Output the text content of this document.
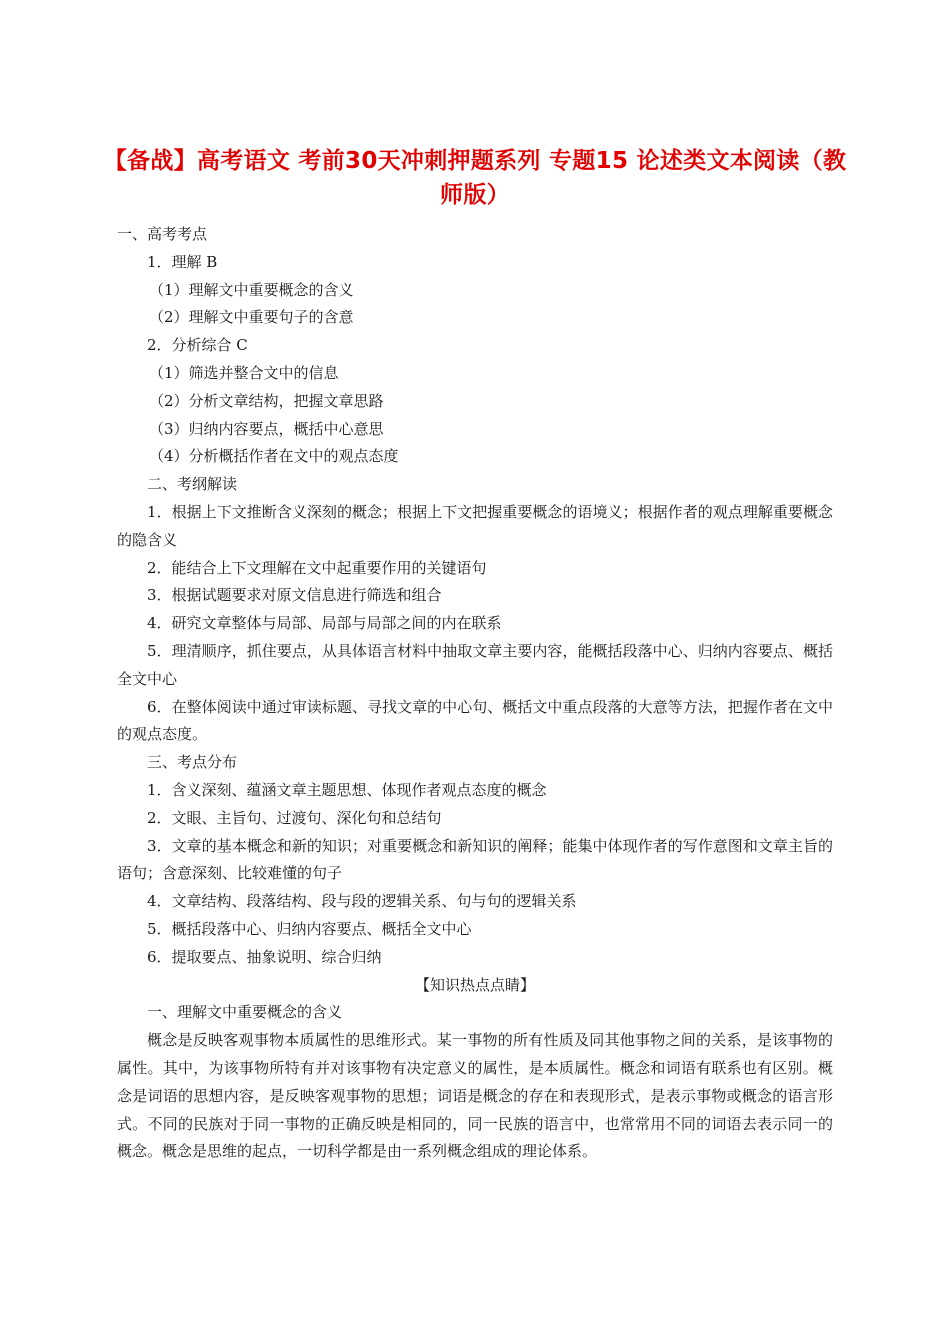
【备战】高考语文 考前30天冲刺押题系列 专题15 论述类文本阅读（教师版）

一、高考考点

1．理解 B

（1）理解文中重要概念的含义

（2）理解文中重要句子的含意

2．分析综合 C

（1）筛选并整合文中的信息

（2）分析文章结构，把握文章思路

（3）归纳内容要点，概括中心意思

（4）分析概括作者在文中的观点态度

二、考纲解读

1．根据上下文推断含义深刻的概念；根据上下文把握重要概念的语境义；根据作者的观点理解重要概念的隐含义

2．能结合上下文理解在文中起重要作用的关键语句

3．根据试题要求对原文信息进行筛选和组合

4．研究文章整体与局部、局部与局部之间的内在联系

5．理清顺序，抓住要点，从具体语言材料中抽取文章主要内容，能概括段落中心、归纳内容要点、概括全文中心

6．在整体阅读中通过审读标题、寻找文章的中心句、概括文中重点段落的大意等方法，把握作者在文中的观点态度。

三、考点分布

1．含义深刻、蕴涵文章主题思想、体现作者观点态度的概念

2．文眼、主旨句、过渡句、深化句和总结句

3．文章的基本概念和新的知识；对重要概念和新知识的阐释；能集中体现作者的写作意图和文章主旨的语句；含意深刻、比较难懂的句子

4．文章结构、段落结构、段与段的逻辑关系、句与句的逻辑关系

5．概括段落中心、归纳内容要点、概括全文中心

6．提取要点、抽象说明、综合归纳

【知识热点点睛】

一、理解文中重要概念的含义

概念是反映客观事物本质属性的思维形式。某一事物的所有性质及同其他事物之间的关系，是该事物的属性。其中，为该事物所特有并对该事物有决定意义的属性，是本质属性。概念和词语有联系也有区别。概念是词语的思想内容，是反映客观事物的思想；词语是概念的存在和表现形式，是表示事物或概念的语言形式。不同的民族对于同一事物的正确反映是相同的，同一民族的语言中，也常常用不同的词语去表示同一的概念。概念是思维的起点，一切科学都是由一系列概念组成的理论体系。
